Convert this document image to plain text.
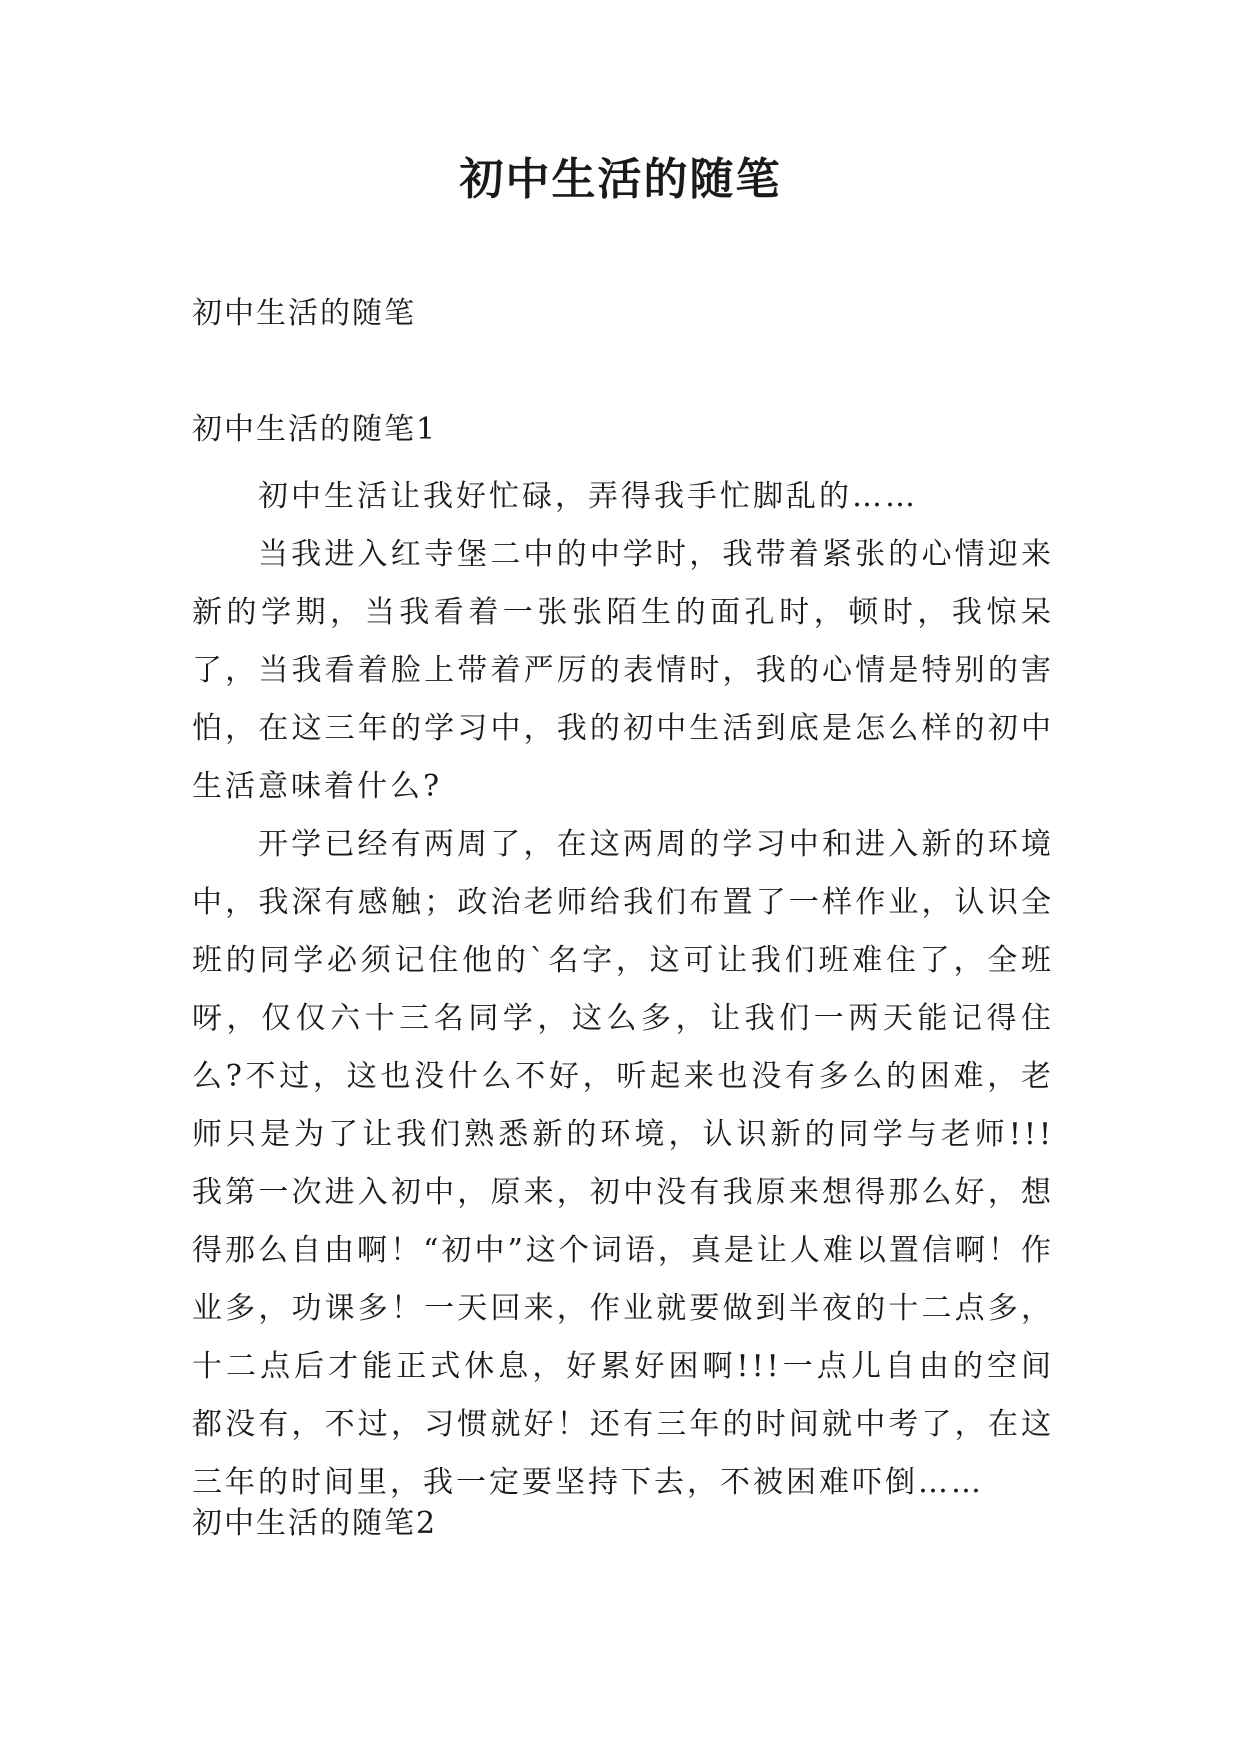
初中生活的随笔
初中生活的随笔
初中生活的随笔1

初中生活让我好忙碌，弄得我手忙脚乱的……

当我进入红寺堡二中的中学时，我带着紧张的心情迎来新的学期，当我看着一张张陌生的面孔时，顿时，我惊呆了，当我看着脸上带着严厉的表情时，我的心情是特别的害怕，在这三年的学习中，我的初中生活到底是怎么样的初中生活意味着什么?

开学已经有两周了，在这两周的学习中和进入新的环境中，我深有感触；政治老师给我们布置了一样作业，认识全班的同学必须记住他的`名字，这可让我们班难住了，全班呀，仅仅六十三名同学，这么多，让我们一两天能记得住么?不过，这也没什么不好，听起来也没有多么的困难，老师只是为了让我们熟悉新的环境，认识新的同学与老师!!!我第一次进入初中，原来，初中没有我原来想得那么好，想得那么自由啊！“初中”这个词语，真是让人难以置信啊！作业多，功课多！一天回来，作业就要做到半夜的十二点多，十二点后才能正式休息，好累好困啊!!!一点儿自由的空间都没有，不过，习惯就好！还有三年的时间就中考了，在这三年的时间里，我一定要坚持下去，不被困难吓倒……

初中生活的随笔2
